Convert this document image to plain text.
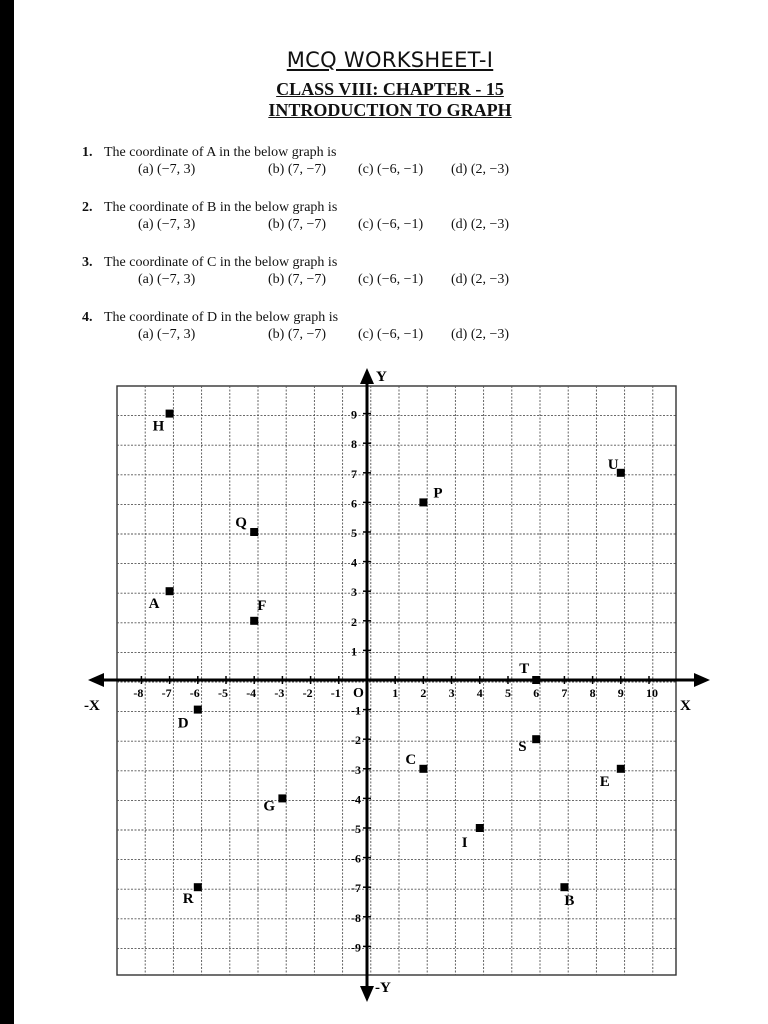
MCQ WORKSHEET-I
CLASS VIII: CHAPTER - 15
INTRODUCTION TO GRAPH
1. The coordinate of A in the below graph is
(a) (−7, 3)	(b) (7, −7) (c) (−6, −1) (d) (2, −3)
2. The coordinate of B in the below graph is
(a) (−7, 3)	(b) (7, −7) (c) (−6, −1) (d) (2, −3)
3. The coordinate of C in the below graph is
(a) (−7, 3)	(b) (7, −7) (c) (−6, −1) (d) (2, −3)
4. The coordinate of D in the below graph is
(a) (−7, 3)	(b) (7, −7) (c) (−6, −1) (d) (2, −3)
X
-X
Y
-Y
O
-8 -7 -6 -5 -4 -3 -2 -1	1 2 3 4 5 6 7 8 9 10
9
8
7
6
5
4
3
2
1
-1
-2
-3
-4
-5
-6
-7
-8
-9
H
U
P
Q
A	F
T
D
S
C
E
G
I
R	B
